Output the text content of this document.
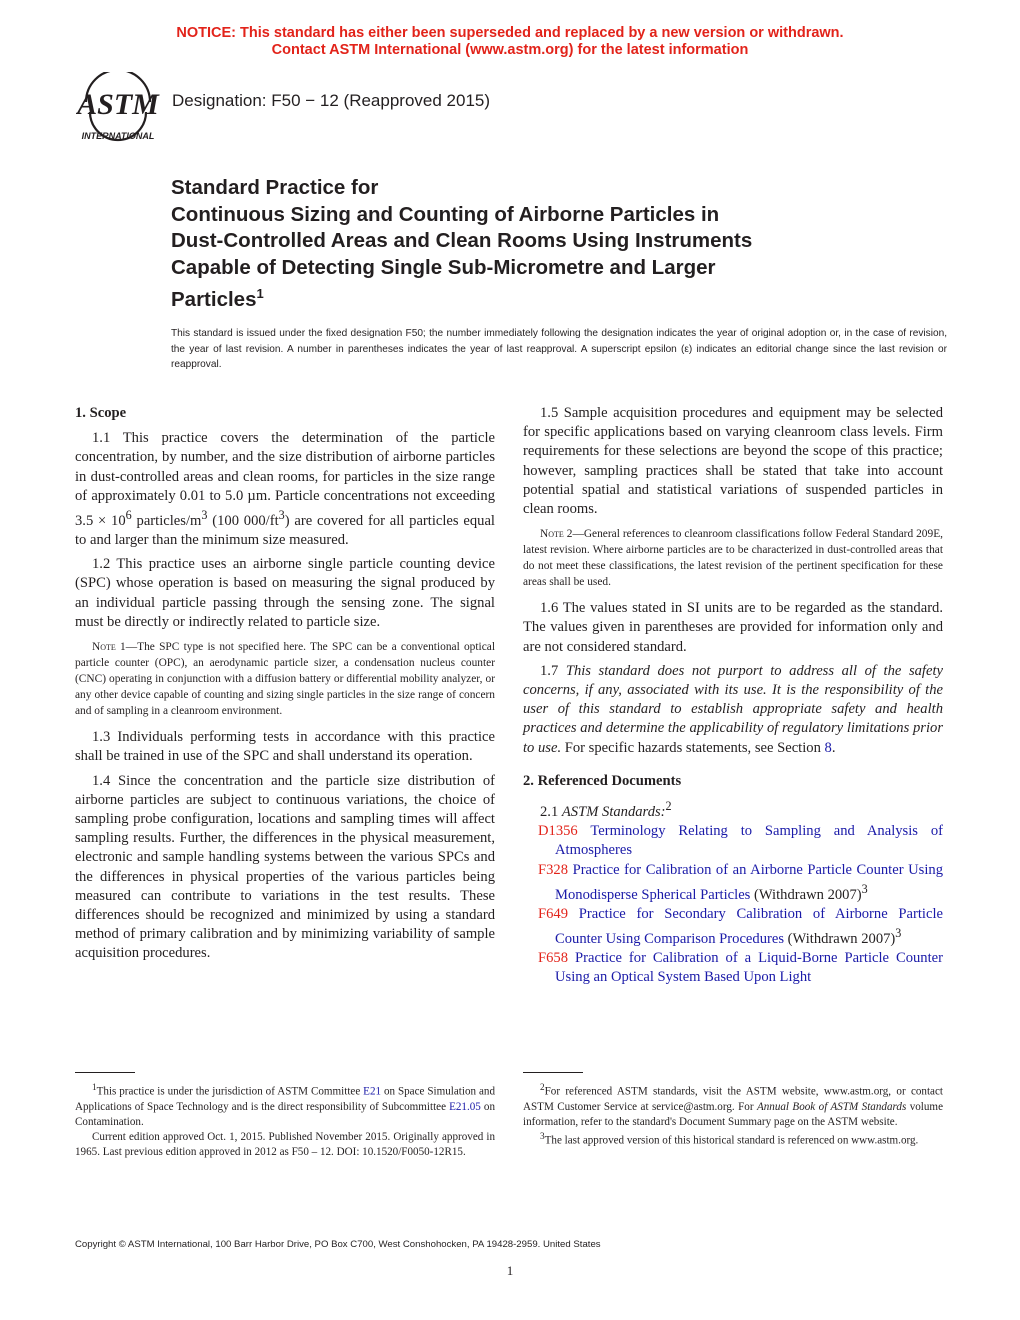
NOTICE: This standard has either been superseded and replaced by a new version or withdrawn.
Contact ASTM International (www.astm.org) for the latest information
ASTM
INTERNATIONAL
Designation: F50 − 12 (Reapproved 2015)
Standard Practice for
Continuous Sizing and Counting of Airborne Particles in
Dust-Controlled Areas and Clean Rooms Using Instruments
Capable of Detecting Single Sub-Micrometre and Larger
Particles$^1$
This standard is issued under the fixed designation F50; the number immediately following the designation indicates the year of original adoption or, in the case of revision, the year of last revision. A number in parentheses indicates the year of last reapproval. A superscript epsilon (ε) indicates an editorial change since the last revision or reapproval.
1. Scope

1.1 This practice covers the determination of the particle concentration, by number, and the size distribution of airborne particles in dust-controlled areas and clean rooms, for particles in the size range of approximately 0.01 to 5.0 µm. Particle concentrations not exceeding $3.5 \times 10^6$ particles/$m^3$ (100 $000/ft^3$) are covered for all particles equal to and larger than the minimum size measured.

1.2 This practice uses an airborne single particle counting device (SPC) whose operation is based on measuring the signal produced by an individual particle passing through the sensing zone. The signal must be directly or indirectly related to particle size.

Note 1—The SPC type is not specified here. The SPC can be a conventional optical particle counter (OPC), an aerodynamic particle sizer, a condensation nucleus counter (CNC) operating in conjunction with a diffusion battery or differential mobility analyzer, or any other device capable of counting and sizing single particles in the size range of concern and of sampling in a cleanroom environment.

1.3 Individuals performing tests in accordance with this practice shall be trained in use of the SPC and shall understand its operation.

1.4 Since the concentration and the particle size distribution of airborne particles are subject to continuous variations, the choice of sampling probe configuration, locations and sampling times will affect sampling results. Further, the differences in the physical measurement, electronic and sample handling systems between the various SPCs and the differences in physical properties of the various particles being measured can contribute to variations in the test results. These differences should be recognized and minimized by using a standard method of primary calibration and by minimizing variability of sample acquisition procedures.

1.5 Sample acquisition procedures and equipment may be selected for specific applications based on varying cleanroom class levels. Firm requirements for these selections are beyond the scope of this practice; however, sampling practices shall be stated that take into account potential spatial and statistical variations of suspended particles in clean rooms.

Note 2—General references to cleanroom classifications follow Federal Standard 209E, latest revision. Where airborne particles are to be characterized in dust-controlled areas that do not meet these classifications, the latest revision of the pertinent specification for these areas shall be used.

1.6 The values stated in SI units are to be regarded as the standard. The values given in parentheses are provided for information only and are not considered standard.

1.7 This standard does not purport to address all of the safety concerns, if any, associated with its use. It is the responsibility of the user of this standard to establish appropriate safety and health practices and determine the applicability of regulatory limitations prior to use. For specific hazards statements, see Section 8.

2. Referenced Documents

2.1 ASTM Standards:$^2$

D1356 Terminology Relating to Sampling and Analysis of Atmospheres

F328 Practice for Calibration of an Airborne Particle Counter Using Monodisperse Spherical Particles (Withdrawn 2007)$^3$

F649 Practice for Secondary Calibration of Airborne Particle Counter Using Comparison Procedures (Withdrawn 2007)$^3$

F658 Practice for Calibration of a Liquid-Borne Particle Counter Using an Optical System Based Upon Light

$^1$This practice is under the jurisdiction of ASTM Committee E21 on Space Simulation and Applications of Space Technology and is the direct responsibility of Subcommittee E21.05 on Contamination.

Current edition approved Oct. 1, 2015. Published November 2015. Originally approved in 1965. Last previous edition approved in 2012 as F50 – 12. DOI: 10.1520/F0050-12R15.

$^2$For referenced ASTM standards, visit the ASTM website, www.astm.org, or contact ASTM Customer Service at service@astm.org. For Annual Book of ASTM Standards volume information, refer to the standard's Document Summary page on the ASTM website.

$^3$The last approved version of this historical standard is referenced on www.astm.org.

Copyright © ASTM International, 100 Barr Harbor Drive, PO Box C700, West Conshohocken, PA 19428-2959. United States
1
